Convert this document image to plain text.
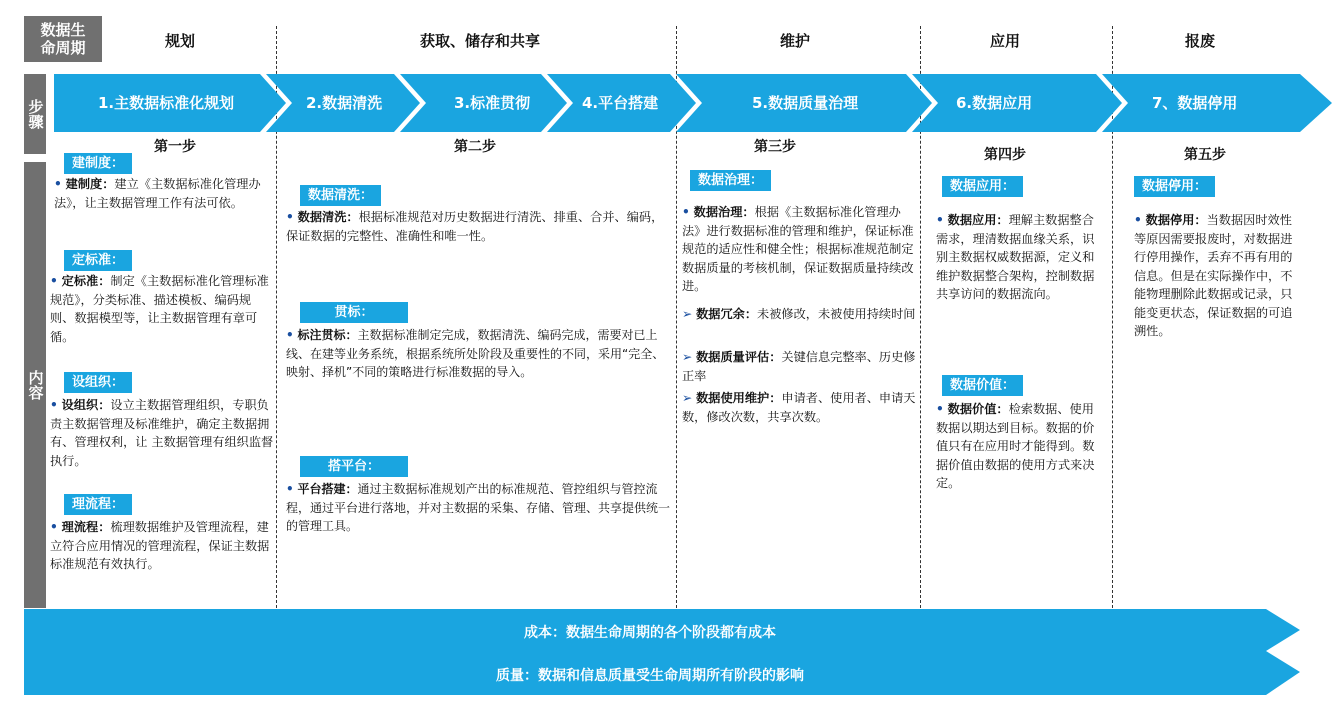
数据生命周期
步骤
内容
规划	获取、储存和共享	维护	应用	报废
1.主数据标准化规划	2.数据清洗	3.标准贯彻	4.平台搭建	5.数据质量治理	6.数据应用	7、数据停用
第一步	第二步	第三步	第四步	第五步
建制度：
• 建制度：建立《主数据标准化管理办法》，让主数据管理工作有法可依。
定标准：
• 定标准：制定《主数据标准化管理标准规范》，分类标准、描述模板、编码规则、数据模型等，让主数据管理有章可循。
设组织：
• 设组织：设立主数据管理组织，专职负责主数据管理及标准维护，确定主数据拥有、管理权利，让 主数据管理有组织监督执行。
理流程：
• 理流程：梳理数据维护及管理流程，建立符合应用情况的管理流程，保证主数据标准规范有效执行。
数据清洗：
• 数据清洗：根据标准规范对历史数据进行清洗、排重、合并、编码，保证数据的完整性、准确性和唯一性。
贯标：
• 标注贯标：主数据标准制定完成，数据清洗、编码完成，需要对已上线、在建等业务系统，根据系统所处阶段及重要性的不同，采用“完全、映射、择机”不同的策略进行标准数据的导入。
搭平台：
• 平台搭建：通过主数据标准规划产出的标准规范、管控组织与管控流程，通过平台进行落地，并对主数据的采集、存储、管理、共享提供统一的管理工具。
数据治理：
• 数据治理：根据《主数据标准化管理办法》进行数据标准的管理和维护，保证标准规范的适应性和健全性；根据标准规范制定数据质量的考核机制，保证数据质量持续改进。
➢ 数据冗余：未被修改，未被使用持续时间
➢ 数据质量评估：关键信息完整率、历史修正率
➢ 数据使用维护：申请者、使用者、申请天数，修改次数，共享次数。
数据应用：
• 数据应用：理解主数据整合需求，理清数据血缘关系，识别主数据权威数据源，定义和维护数据整合架构，控制数据共享访问的数据流向。
数据价值：
• 数据价值：检索数据、使用数据以期达到目标。数据的价值只有在应用时才能得到。数据价值由数据的使用方式来决定。
数据停用：
• 数据停用：当数据因时效性等原因需要报废时，对数据进行停用操作，丢弃不再有用的信息。但是在实际操作中，不能物理删除此数据或记录，只能变更状态，保证数据的可追溯性。
成本：数据生命周期的各个阶段都有成本
质量：数据和信息质量受生命周期所有阶段的影响
